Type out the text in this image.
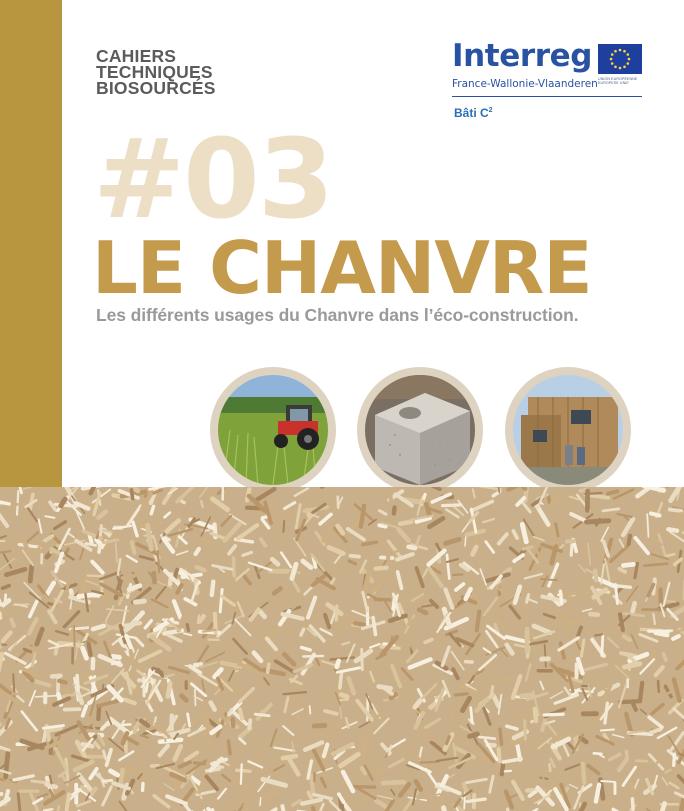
CAHIERS
TECHNIQUES
BIOSOURCÉS
Interreg
UNION EUROPÉENNE EUROPESE UNIE
France-Wallonie-Vlaanderen
Bâti $C^2$
#03
LE CHANVRE
Les différents usages du Chanvre dans l’éco-construction.
